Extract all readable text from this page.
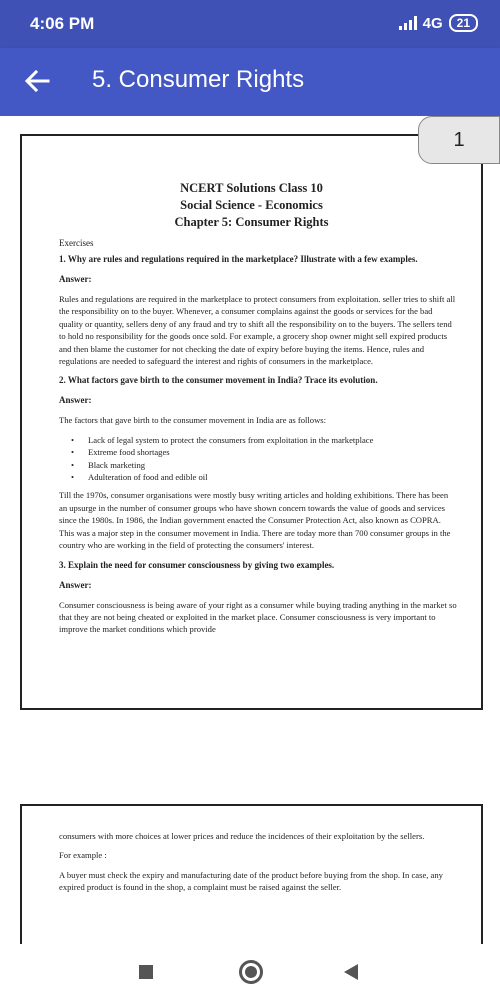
4:06 PM	4G	21
5. Consumer Rights
NCERT Solutions Class 10
Social Science - Economics
Chapter 5: Consumer Rights
Exercises
1. Why are rules and regulations required in the marketplace? Illustrate with a few examples.
Answer:
Rules and regulations are required in the marketplace to protect consumers from exploitation. seller tries to shift all the responsibility on to the buyer. Whenever, a consumer complains against the goods or services for the bad quality or quantity, sellers deny of any fraud and try to shift all the responsibility on to the buyers. The sellers tend to hold no responsibility for the goods once sold. For example, a grocery shop owner might sell expired products and then blame the customer for not checking the date of expiry before buying the items. Hence, rules and regulations are needed to safeguard the interest and rights of consumers in the marketplace.
2. What factors gave birth to the consumer movement in India? Trace its evolution.
Answer:
The factors that gave birth to the consumer movement in India are as follows:
• Lack of legal system to protect the consumers from exploitation in the marketplace
• Extreme food shortages
• Black marketing
• Adulteration of food and edible oil
Till the 1970s, consumer organisations were mostly busy writing articles and holding exhibitions. There has been an upsurge in the number of consumer groups who have shown concern towards the value of goods and services since the 1980s. In 1986, the Indian government enacted the Consumer Protection Act, also known as COPRA. This was a major step in the consumer movement in India. There are today more than 700 consumer groups in the country who are working in the field of protecting the consumers' interest.
3. Explain the need for consumer consciousness by giving two examples.
Answer:
Consumer consciousness is being aware of your right as a consumer while buying trading anything in the market so that they are not being cheated or exploited in the market place. Consumer consciousness is very important to improve the market conditions which provide
1
consumers with more choices at lower prices and reduce the incidences of their exploitation by the sellers.
For example :
A buyer must check the expiry and manufacturing date of the product before buying from the shop. In case, any expired product is found in the shop, a complaint must be raised against the seller.
